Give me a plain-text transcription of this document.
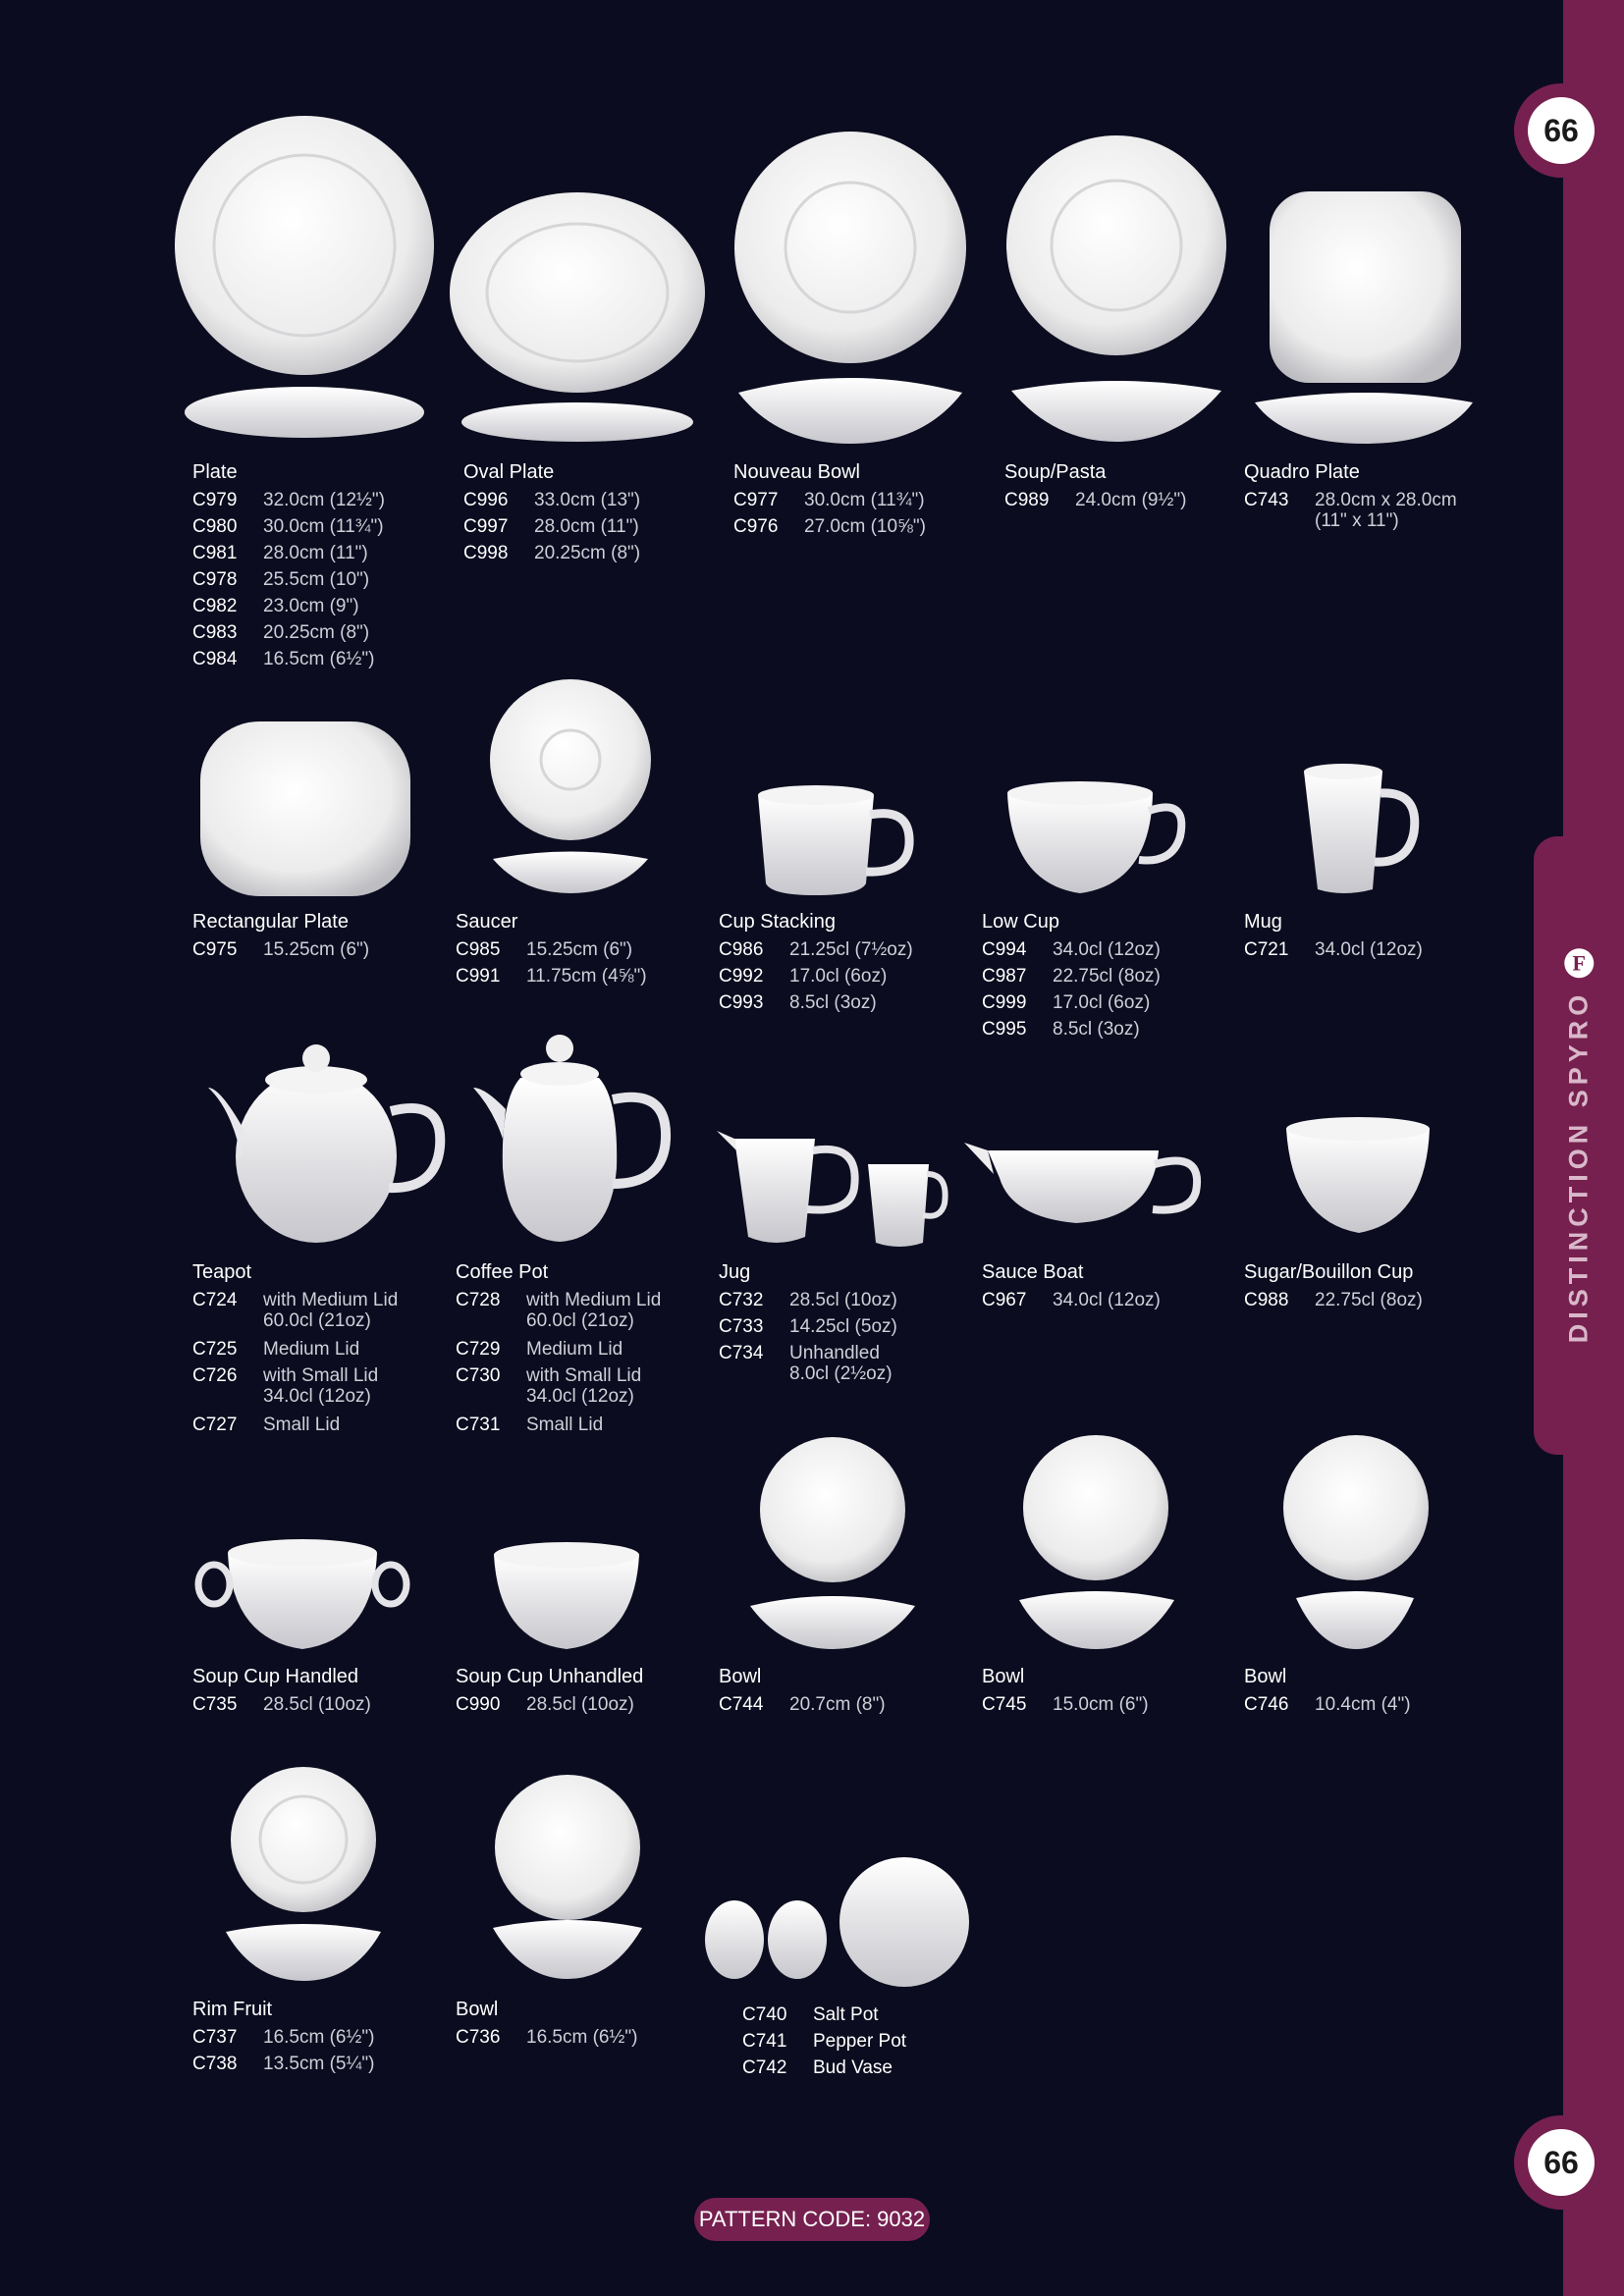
DISTINCTION SPYRO
F
66
66
Plate
C979	32.0cm (12½")
C980	30.0cm (11¾")
C981	28.0cm (11")
C978	25.5cm (10")
C982	23.0cm (9")
C983	20.25cm (8")
C984	16.5cm (6½")
Oval Plate
C996	33.0cm (13")
C997	28.0cm (11")
C998	20.25cm (8")
Nouveau Bowl
C977	30.0cm (11¾")
C976	27.0cm (10⅝")
Soup/Pasta
C989	24.0cm (9½")
Quadro Plate
C743	28.0cm x 28.0cm
(11" x 11")
Rectangular Plate
C975	15.25cm (6")
Saucer
C985	15.25cm (6")
C991	11.75cm (4⅝")
Cup Stacking
C986	21.25cl (7½oz)
C992	17.0cl (6oz)
C993	8.5cl (3oz)
Low Cup
C994	34.0cl (12oz)
C987	22.75cl (8oz)
C999	17.0cl (6oz)
C995	8.5cl (3oz)
Mug
C721	34.0cl (12oz)
Teapot
C724	with Medium Lid
60.0cl (21oz)
C725	Medium Lid
C726	with Small Lid
34.0cl (12oz)
C727	Small Lid
Coffee Pot
C728	with Medium Lid
60.0cl (21oz)
C729	Medium Lid
C730	with Small Lid
34.0cl (12oz)
C731	Small Lid
Jug
C732	28.5cl (10oz)
C733	14.25cl (5oz)
C734	Unhandled
8.0cl (2½oz)
Sauce Boat
C967	34.0cl (12oz)
Sugar/Bouillon Cup
C988	22.75cl (8oz)
Soup Cup Handled
C735	28.5cl (10oz)
Soup Cup Unhandled
C990	28.5cl (10oz)
Bowl
C744	20.7cm (8")
Bowl
C745	15.0cm (6")
Bowl
C746	10.4cm (4")
Rim Fruit
C737	16.5cm (6½")
C738	13.5cm (5¼")
Bowl
C736	16.5cm (6½")
C740	Salt Pot
C741	Pepper Pot
C742	Bud Vase
PATTERN CODE: 9032
